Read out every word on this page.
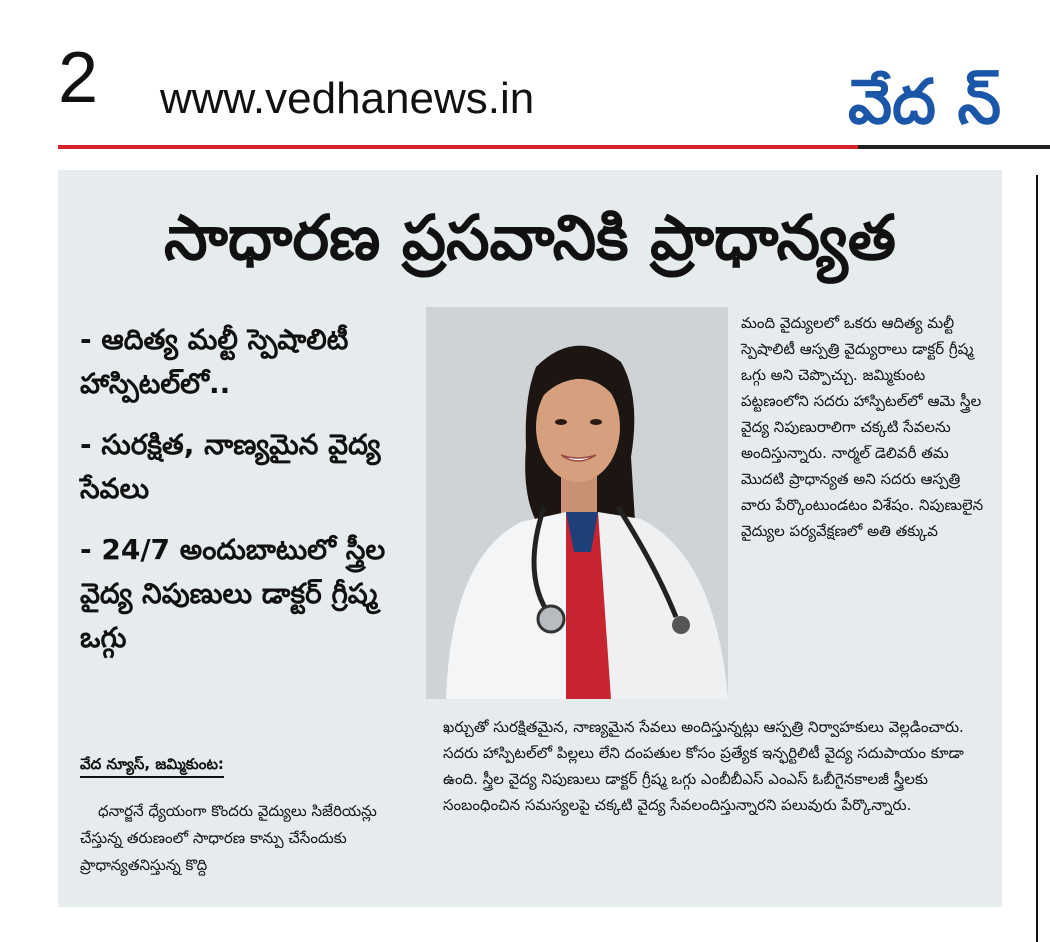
2 www.vedhanews.in	వేద న్
సాధారణ ప్రసవానికి ప్రాధాన్యత
- ఆదిత్య మల్టీ స్పెషాలిటీ హాస్పిటల్‌లో..
- సురక్షిత, నాణ్యమైన వైద్య సేవలు
- 24/7 అందుబాటులో స్త్రీల వైద్య నిపుణులు డాక్టర్ గ్రీష్మ ఒగ్గు
వేద న్యూస్, జమ్మికుంట:
ధనార్జనే ధ్యేయంగా కొందరు వైద్యులు సిజేరియన్లు చేస్తున్న తరుణంలో సాధారణ కాన్పు చేసేందుకు ప్రాధాన్యతనిస్తున్న కొద్ది
మంది వైద్యులలో ఒకరు ఆదిత్య మల్టీ స్పెషాలిటీ ఆస్పత్రి వైద్యురాలు డాక్టర్ గ్రీష్మ ఒగ్గు అని చెప్పొచ్చు. జమ్మికుంట పట్టణంలోని సదరు హాస్పిటల్‌లో ఆమె స్త్రీల వైద్య నిపుణురాలిగా చక్కటి సేవలను అందిస్తున్నారు. నార్మల్ డెలివరీ తమ మొదటి ప్రాధాన్యత అని సదరు ఆస్పత్రి వారు పేర్కొంటుండటం విశేషం. నిపుణులైన వైద్యుల పర్యవేక్షణలో అతి తక్కువ
ఖర్చుతో సురక్షితమైన, నాణ్యమైన సేవలు అందిస్తున్నట్లు ఆస్పత్రి నిర్వాహకులు వెల్లడించారు. సదరు హాస్పిటల్‌లో పిల్లలు లేని దంపతుల కోసం ప్రత్యేక ఇన్ఫర్టిలిటీ వైద్య సదుపాయం కూడా ఉంది. స్త్రీల వైద్య నిపుణులు డాక్టర్ గ్రీష్మ ఒగ్గు ఎంబీబీఎస్ ఎంఎస్ ఓబీగైనకాలజీ స్త్రీలకు సంబంధించిన సమస్యలపై చక్కటి వైద్య సేవలందిస్తున్నారని పలువురు పేర్కొన్నారు.
